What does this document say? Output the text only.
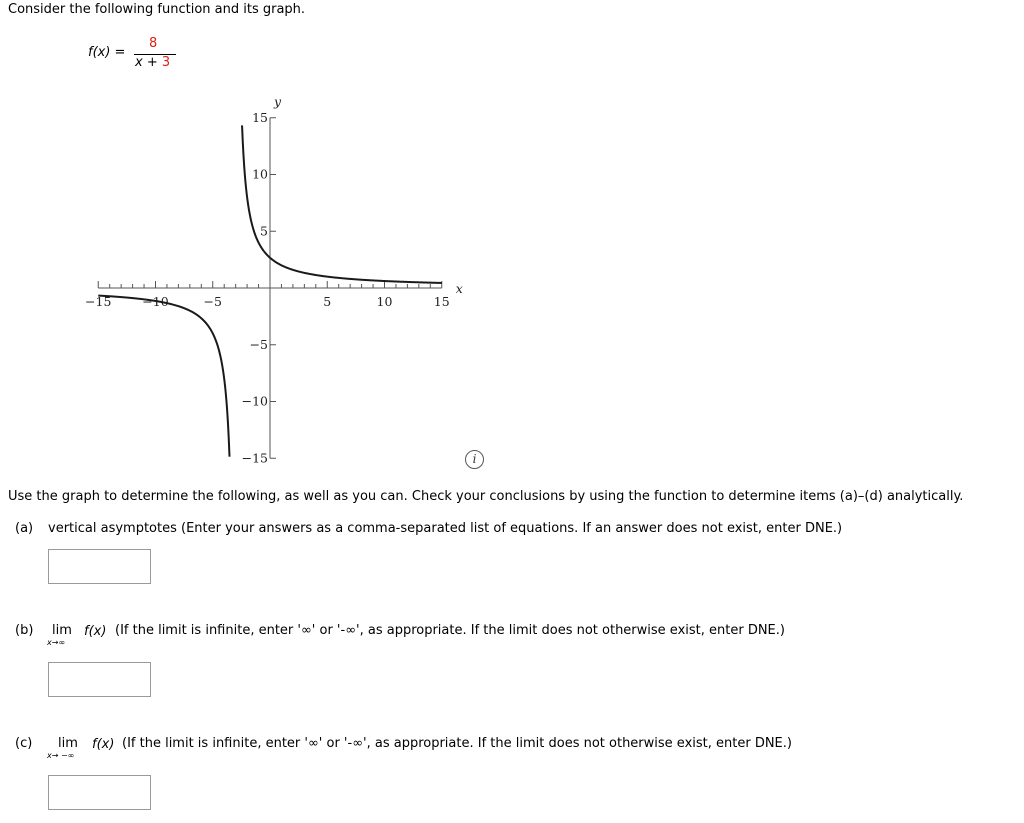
Consider the following function and its graph.
f(x) =
8
x + 3
−15 −10	−5	5	10	15
15
10
5
−5
−10
−15
x
y
i
Use the graph to determine the following, as well as you can. Check your conclusions by using the function to determine items (a)–(d) analytically.
(a) vertical asymptotes (Enter your answers as a comma-separated list of equations. If an answer does not exist, enter DNE.)
(b) lim
x→∞
f(x) (If the limit is infinite, enter '∞' or '-∞', as appropriate. If the limit does not otherwise exist, enter DNE.)
(c) lim
x→ −∞
f(x) (If the limit is infinite, enter '∞' or '-∞', as appropriate. If the limit does not otherwise exist, enter DNE.)
